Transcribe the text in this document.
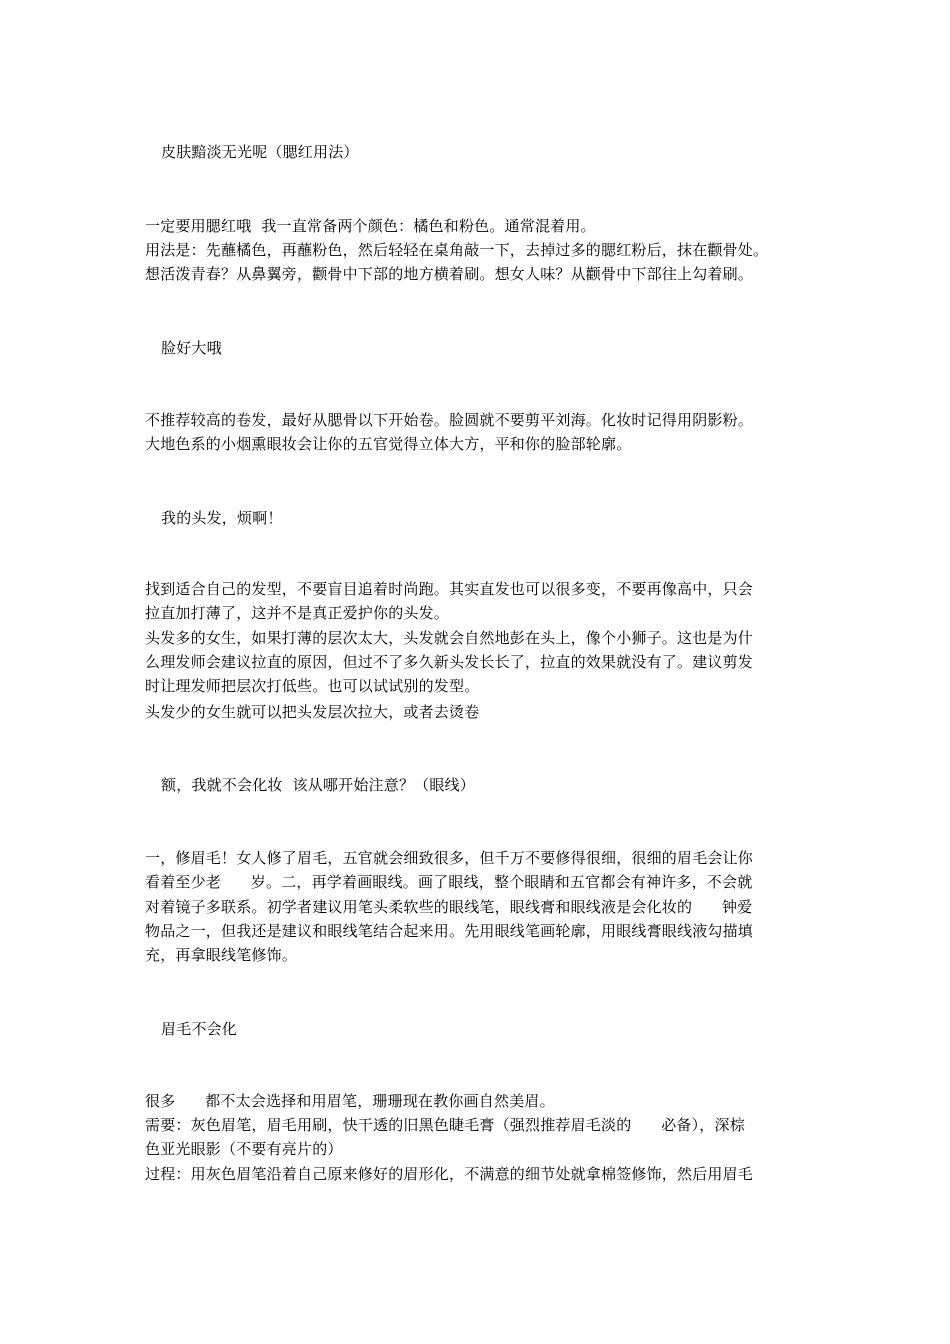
皮肤黯淡无光呢（腮红用法）
一定要用腮红哦  我一直常备两个颜色：橘色和粉色。通常混着用。
用法是：先蘸橘色，再蘸粉色，然后轻轻在桌角敲一下，去掉过多的腮红粉后，抹在颧骨处。
想活泼青春？从鼻翼旁，颧骨中下部的地方横着刷。想女人味？从颧骨中下部往上勾着刷。
脸好大哦
不推荐较高的卷发，最好从腮骨以下开始卷。脸圆就不要剪平刘海。化妆时记得用阴影粉。
大地色系的小烟熏眼妆会让你的五官觉得立体大方，平和你的脸部轮廓。
我的头发，烦啊！
找到适合自己的发型，不要盲目追着时尚跑。其实直发也可以很多变，不要再像高中，只会
拉直加打薄了，这并不是真正爱护你的头发。
头发多的女生，如果打薄的层次太大，头发就会自然地彭在头上，像个小狮子。这也是为什
么理发师会建议拉直的原因，但过不了多久新头发长长了，拉直的效果就没有了。建议剪发
时让理发师把层次打低些。也可以试试别的发型。
头发少的女生就可以把头发层次拉大，或者去烫卷
额，我就不会化妆  该从哪开始注意？（眼线）
一，修眉毛！女人修了眉毛，五官就会细致很多，但千万不要修得很细，很细的眉毛会让你
看着至少老      岁。二，再学着画眼线。画了眼线，整个眼睛和五官都会有神许多，不会就
对着镜子多联系。初学者建议用笔头柔软些的眼线笔，眼线膏和眼线液是会化妆的      钟爱
物品之一，但我还是建议和眼线笔结合起来用。先用眼线笔画轮廓，用眼线膏眼线液勾描填
充，再拿眼线笔修饰。
眉毛不会化
很多      都不太会选择和用眉笔，珊珊现在教你画自然美眉。
需要：灰色眉笔，眉毛用刷，快干透的旧黑色睫毛膏（强烈推荐眉毛淡的      必备），深棕
色亚光眼影（不要有亮片的）
过程：用灰色眉笔沿着自己原来修好的眉形化，不满意的细节处就拿棉签修饰，然后用眉毛
